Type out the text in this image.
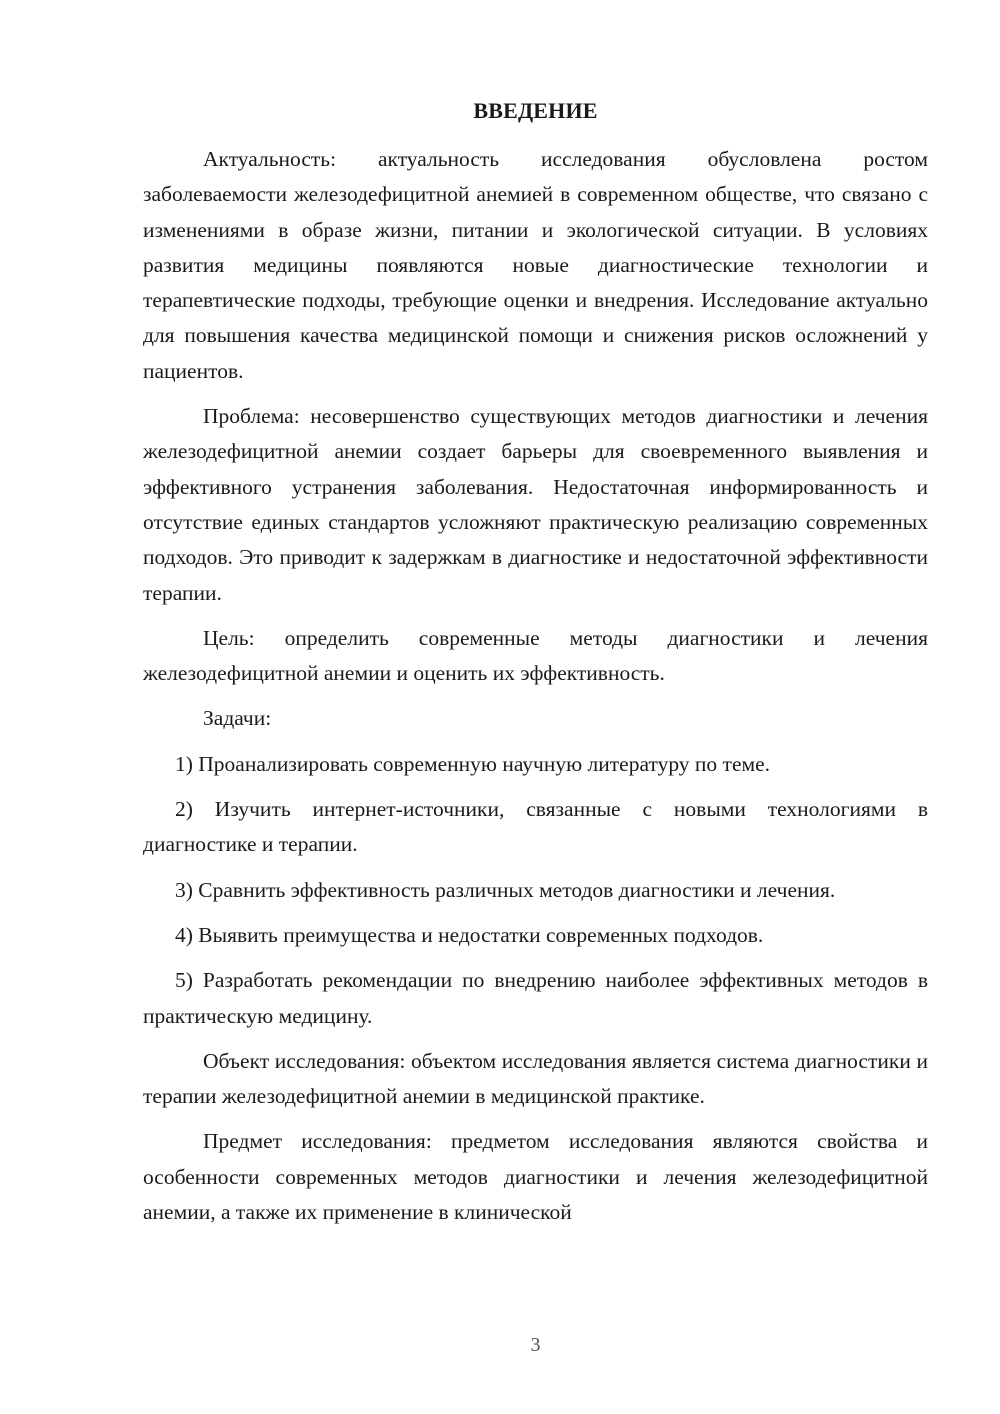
ВВЕДЕНИЕ

Актуальность: актуальность исследования обусловлена ростом заболеваемости железодефицитной анемией в современном обществе, что связано с изменениями в образе жизни, питании и экологической ситуации. В условиях развития медицины появляются новые диагностические технологии и терапевтические подходы, требующие оценки и внедрения. Исследование актуально для повышения качества медицинской помощи и снижения рисков осложнений у пациентов.

Проблема: несовершенство существующих методов диагностики и лечения железодефицитной анемии создает барьеры для своевременного выявления и эффективного устранения заболевания. Недостаточная информированность и отсутствие единых стандартов усложняют практическую реализацию современных подходов. Это приводит к задержкам в диагностике и недостаточной эффективности терапии.

Цель: определить современные методы диагностики и лечения железодефицитной анемии и оценить их эффективность.

Задачи:

1) Проанализировать современную научную литературу по теме.

2) Изучить интернет-источники, связанные с новыми технологиями в диагностике и терапии.

3) Сравнить эффективность различных методов диагностики и лечения.

4) Выявить преимущества и недостатки современных подходов.

5) Разработать рекомендации по внедрению наиболее эффективных методов в практическую медицину.

Объект исследования: объектом исследования является система диагностики и терапии железодефицитной анемии в медицинской практике.

Предмет исследования: предметом исследования являются свойства и особенности современных методов диагностики и лечения железодефицитной анемии, а также их применение в клинической

3
